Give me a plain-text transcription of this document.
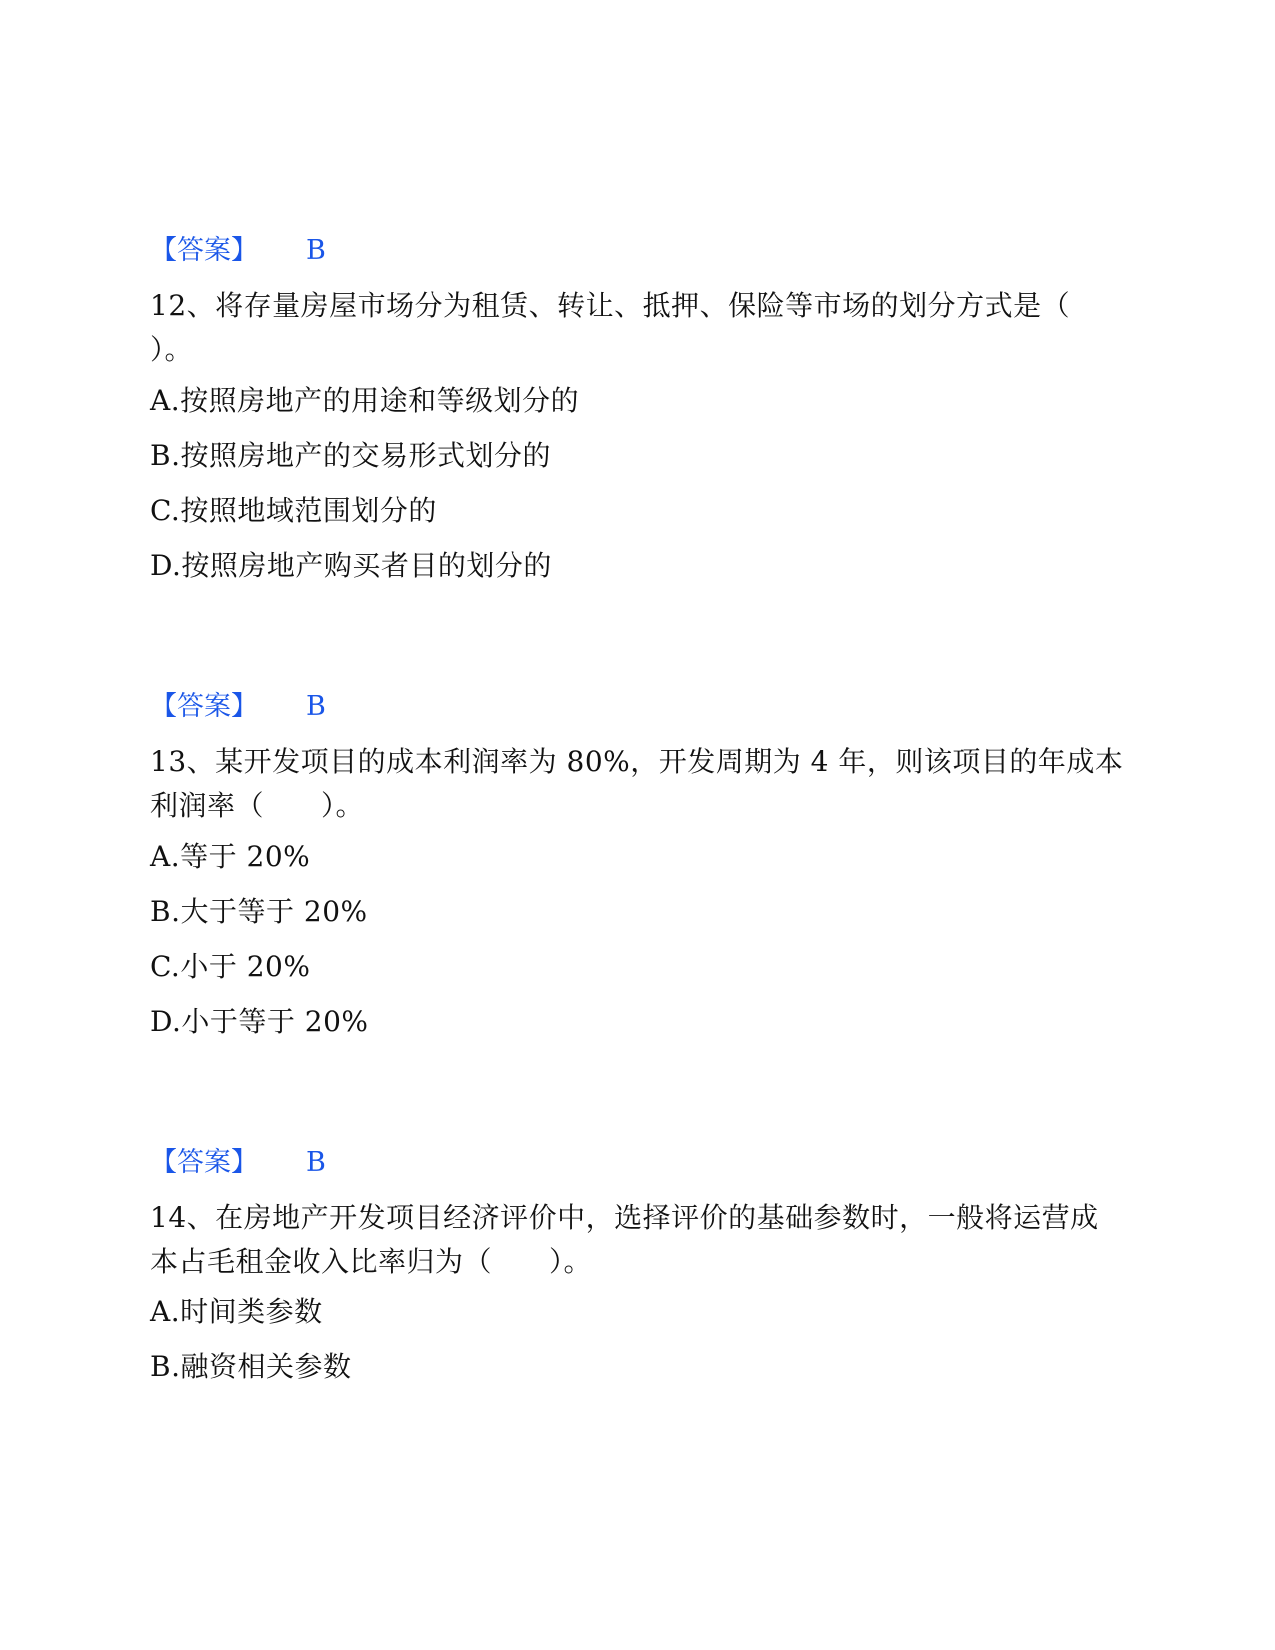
【答案】 B
12、将存量房屋市场分为租赁、转让、抵押、保险等市场的划分方式是（
）。
A.按照房地产的用途和等级划分的
B.按照房地产的交易形式划分的
C.按照地域范围划分的
D.按照房地产购买者目的划分的
【答案】 B
13、某开发项目的成本利润率为 80%，开发周期为 4 年，则该项目的年成本
利润率（　　）。
A.等于 20%
B.大于等于 20%
C.小于 20%
D.小于等于 20%
【答案】 B
14、在房地产开发项目经济评价中，选择评价的基础参数时，一般将运营成
本占毛租金收入比率归为（　　）。
A.时间类参数
B.融资相关参数
